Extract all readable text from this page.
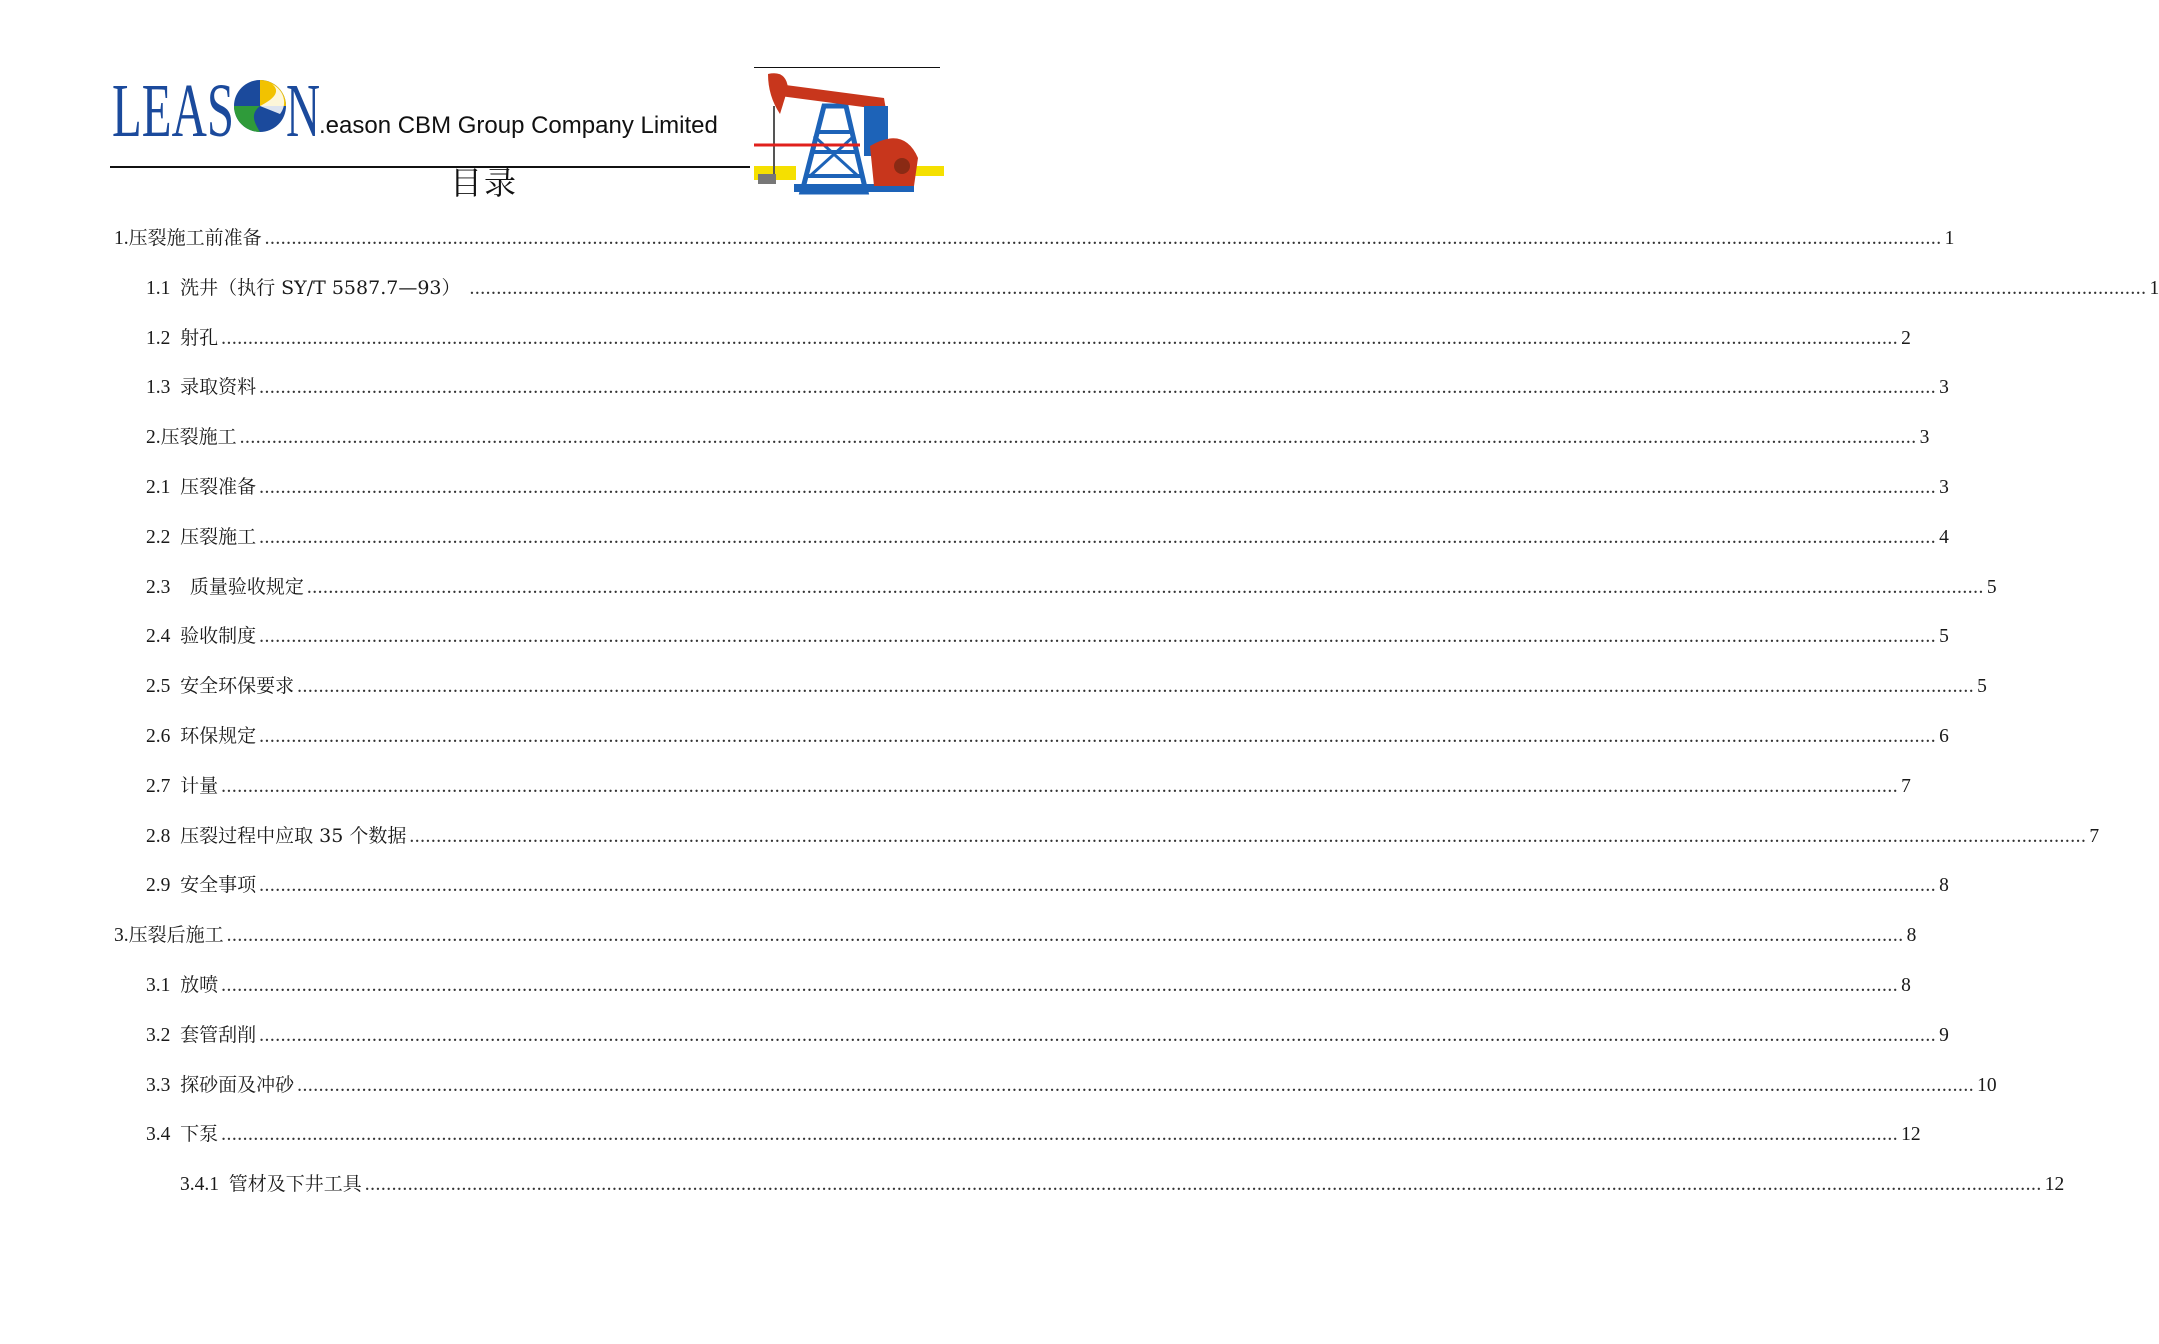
LEAS N .eason CBM Group Company Limited
目录
1. 压裂施工前准备 .....	1
1.1 洗井（执行 SY/T 5587.7—93） .....	1
1.2 射孔 .....	2
1.3 录取资料 .....	3
2. 压裂施工 .....	3
2.1 压裂准备 .....	3
2.2 压裂施工 .....	4
2.3 质量验收规定 .....	5
2.4 验收制度 .....	5
2.5 安全环保要求 .....	5
2.6 环保规定 .....	6
2.7 计量 .....	7
2.8 压裂过程中应取 35 个数据 .....	7
2.9 安全事项 .....	8
3. 压裂后施工 .....	8
3.1 放喷 .....	8
3.2 套管刮削 .....	9
3.3 探砂面及冲砂 .....	10
3.4 下泵 .....	12
3.4.1 管材及下井工具 .....	12
